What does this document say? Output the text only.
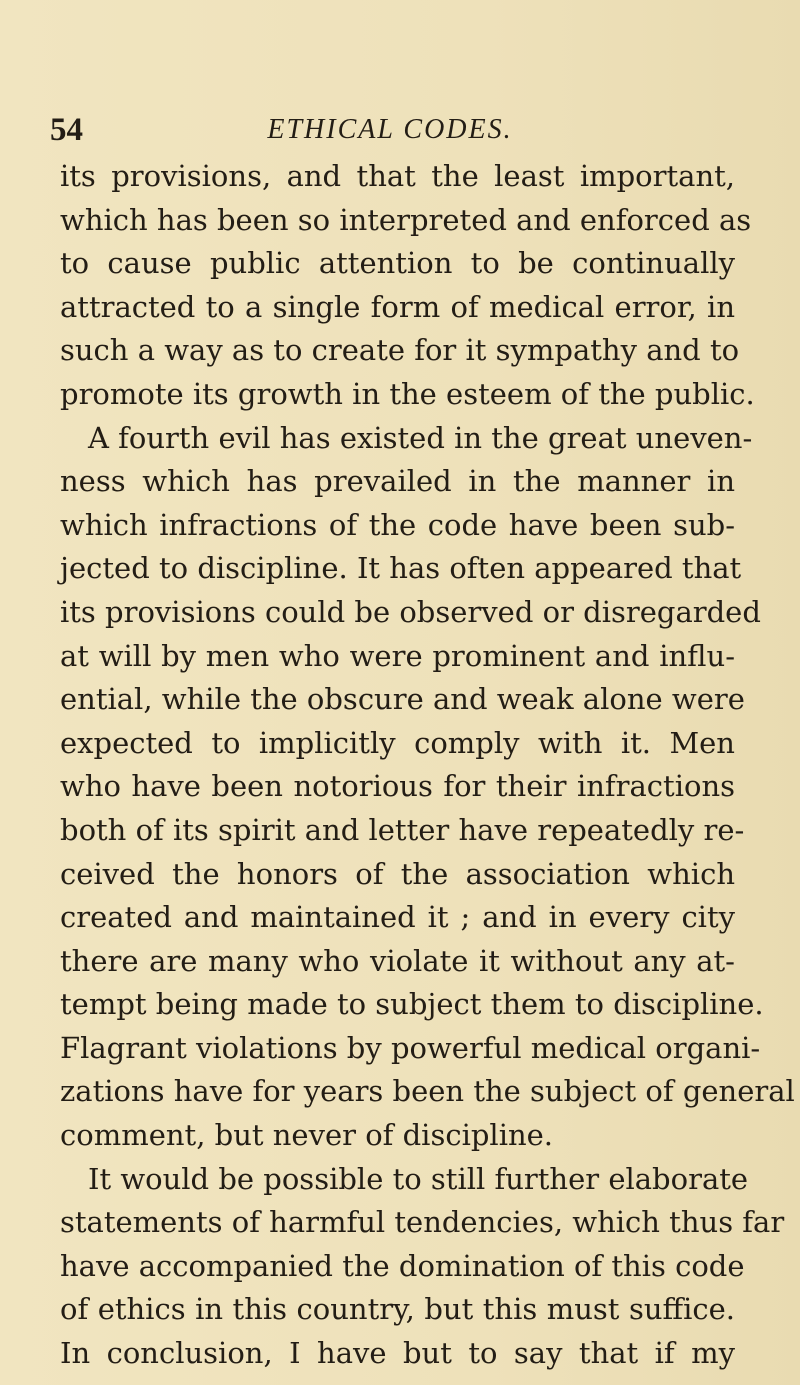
54	ETHICAL CODES.
its provisions, and that the least important,
which has been so interpreted and enforced as
to cause public attention to be continually
attracted to a single form of medical error, in
such a way as to create for it sympathy and to
promote its growth in the esteem of the public.
A fourth evil has existed in the great uneven-
ness which has prevailed in the manner in
which infractions of the code have been sub-
jected to discipline. It has often appeared that
its provisions could be observed or disregarded
at will by men who were prominent and influ-
ential, while the obscure and weak alone were
expected to implicitly comply with it. Men
who have been notorious for their infractions
both of its spirit and letter have repeatedly re-
ceived the honors of the association which
created and maintained it ; and in every city
there are many who violate it without any at-
tempt being made to subject them to discipline.
Flagrant violations by powerful medical organi-
zations have for years been the subject of general
comment, but never of discipline.
It would be possible to still further elaborate
statements of harmful tendencies, which thus far
have accompanied the domination of this code
of ethics in this country, but this must suffice.
In conclusion, I have but to say that if my
